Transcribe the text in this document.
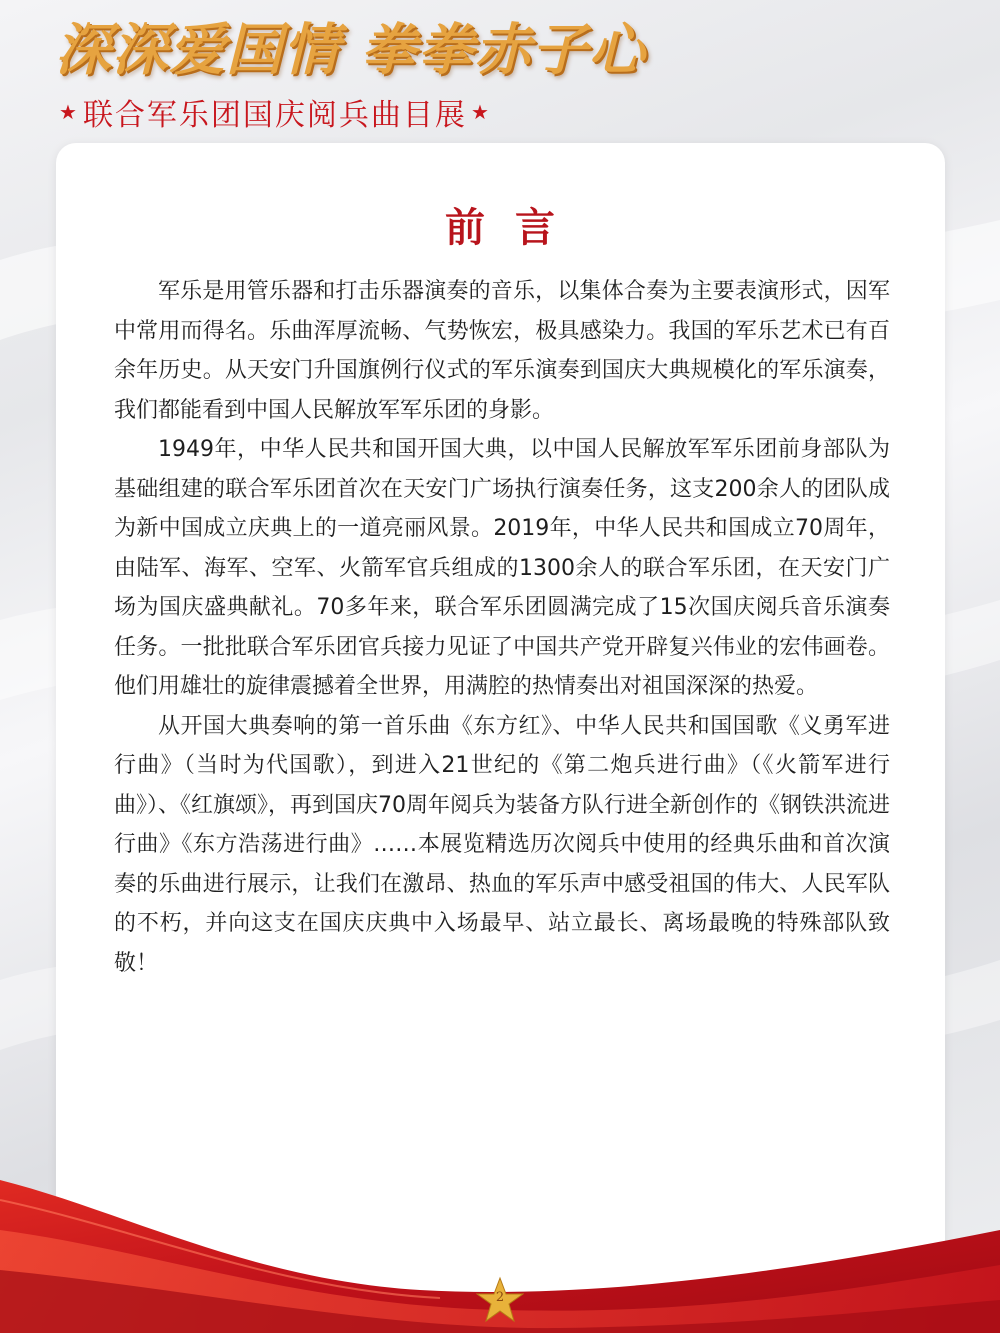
深深爱国情 拳拳赤子心
★ 联合军乐团国庆阅兵曲目展 ★
前言

军乐是用管乐器和打击乐器演奏的音乐，以集体合奏为主要表演形式，因军中常用而得名。乐曲浑厚流畅、气势恢宏，极具感染力。我国的军乐艺术已有百余年历史。从天安门升国旗例行仪式的军乐演奏到国庆大典规模化的军乐演奏，我们都能看到中国人民解放军军乐团的身影。

1949年，中华人民共和国开国大典，以中国人民解放军军乐团前身部队为基础组建的联合军乐团首次在天安门广场执行演奏任务，这支200余人的团队成为新中国成立庆典上的一道亮丽风景。2019年，中华人民共和国成立70周年，由陆军、海军、空军、火箭军官兵组成的1300余人的联合军乐团，在天安门广场为国庆盛典献礼。70多年来，联合军乐团圆满完成了15次国庆阅兵音乐演奏任务。一批批联合军乐团官兵接力见证了中国共产党开辟复兴伟业的宏伟画卷。他们用雄壮的旋律震撼着全世界，用满腔的热情奏出对祖国深深的热爱。

从开国大典奏响的第一首乐曲《东方红》、中华人民共和国国歌《义勇军进行曲》（当时为代国歌），到进入21世纪的《第二炮兵进行曲》（《火箭军进行曲》）、《红旗颂》，再到国庆70周年阅兵为装备方队行进全新创作的《钢铁洪流进行曲》《东方浩荡进行曲》……本展览精选历次阅兵中使用的经典乐曲和首次演奏的乐曲进行展示，让我们在激昂、热血的军乐声中感受祖国的伟大、人民军队的不朽，并向这支在国庆庆典中入场最早、站立最长、离场最晚的特殊部队致敬！

2
